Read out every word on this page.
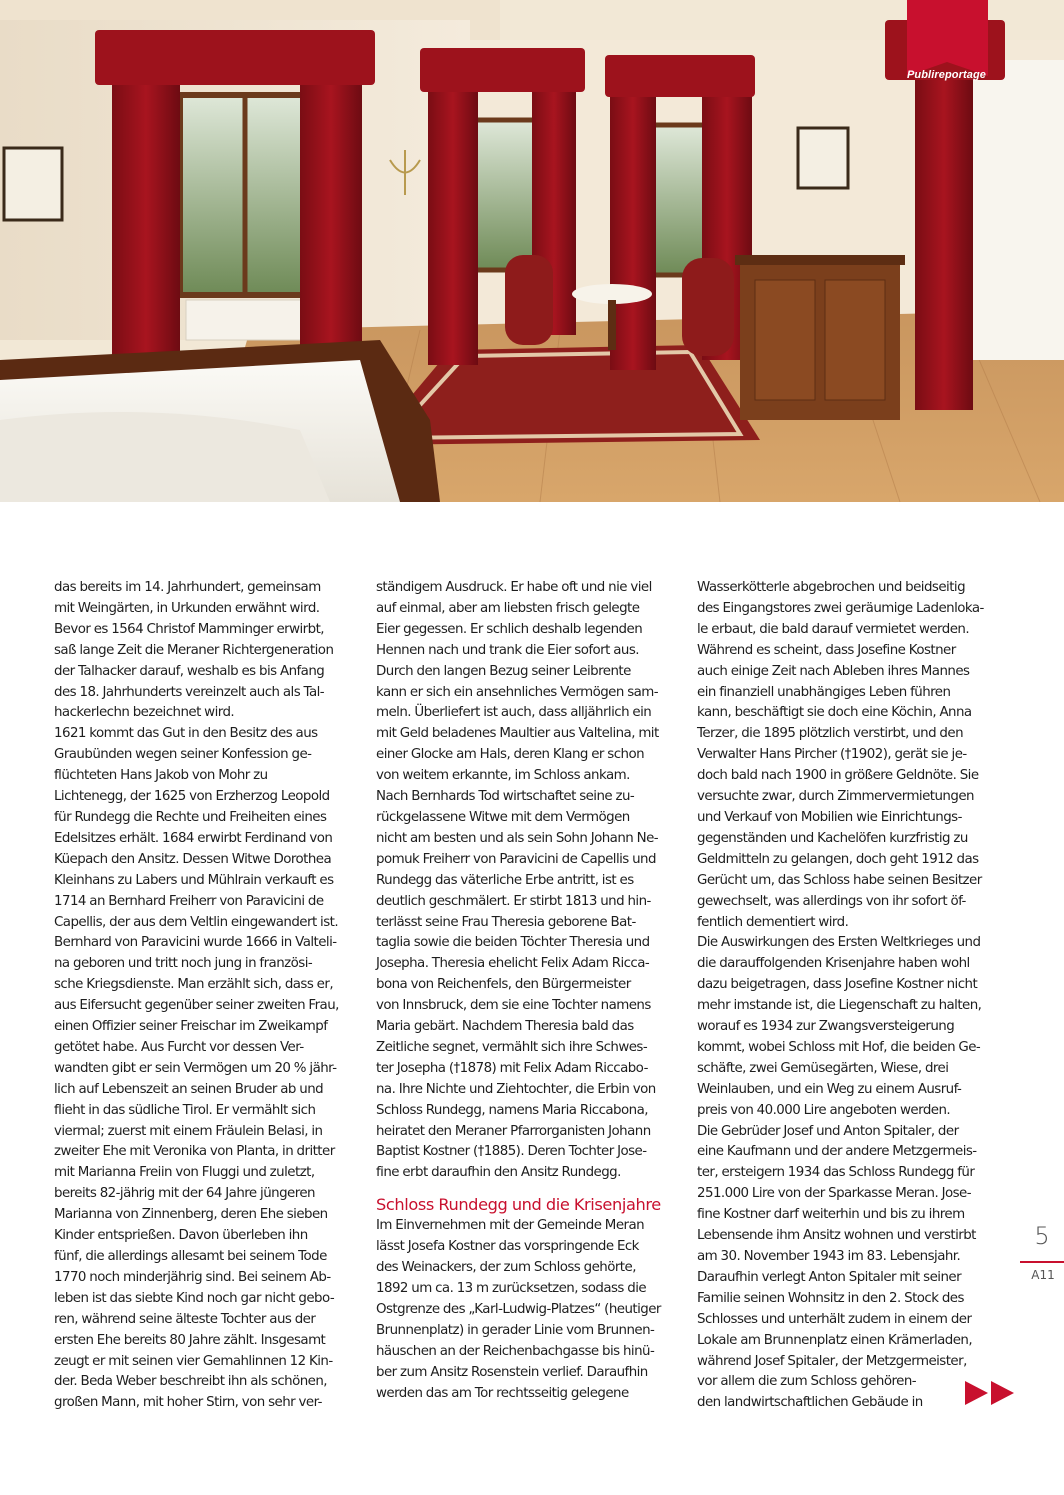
Publireportage

das bereits im 14. Jahrhundert, gemeinsam
mit Weingärten, in Urkunden erwähnt wird.
Bevor es 1564 Christof Mamminger erwirbt,
saß lange Zeit die Meraner Richtergeneration
der Talhacker darauf, weshalb es bis Anfang
des 18. Jahrhunderts vereinzelt auch als Tal-
hackerlechn bezeichnet wird.
1621 kommt das Gut in den Besitz des aus
Graubünden wegen seiner Konfession ge-
flüchteten Hans Jakob von Mohr zu
Lichtenegg, der 1625 von Erzherzog Leopold
für Rundegg die Rechte und Freiheiten eines
Edelsitzes erhält. 1684 erwirbt Ferdinand von
Küepach den Ansitz. Dessen Witwe Dorothea
Kleinhans zu Labers und Mühlrain verkauft es
1714 an Bernhard Freiherr von Paravicini de
Capellis, der aus dem Veltlin eingewandert ist.
Bernhard von Paravicini wurde 1666 in Valteli-
na geboren und tritt noch jung in französi-
sche Kriegsdienste. Man erzählt sich, dass er,
aus Eifersucht gegenüber seiner zweiten Frau,
einen Offizier seiner Freischar im Zweikampf
getötet habe. Aus Furcht vor dessen Ver-
wandten gibt er sein Vermögen um 20 % jähr-
lich auf Lebenszeit an seinen Bruder ab und
flieht in das südliche Tirol. Er vermählt sich
viermal; zuerst mit einem Fräulein Belasi, in
zweiter Ehe mit Veronika von Planta, in dritter
mit Marianna Freiin von Fluggi und zuletzt,
bereits 82-jährig mit der 64 Jahre jüngeren
Marianna von Zinnenberg, deren Ehe sieben
Kinder entsprießen. Davon überleben ihn
fünf, die allerdings allesamt bei seinem Tode
1770 noch minderjährig sind. Bei seinem Ab-
leben ist das siebte Kind noch gar nicht gebo-
ren, während seine älteste Tochter aus der
ersten Ehe bereits 80 Jahre zählt. Insgesamt
zeugt er mit seinen vier Gemahlinnen 12 Kin-
der. Beda Weber beschreibt ihn als schönen,
großen Mann, mit hoher Stirn, von sehr ver-

ständigem Ausdruck. Er habe oft und nie viel
auf einmal, aber am liebsten frisch gelegte
Eier gegessen. Er schlich deshalb legenden
Hennen nach und trank die Eier sofort aus.
Durch den langen Bezug seiner Leibrente
kann er sich ein ansehnliches Vermögen sam-
meln. Überliefert ist auch, dass alljährlich ein
mit Geld beladenes Maultier aus Valtelina, mit
einer Glocke am Hals, deren Klang er schon
von weitem erkannte, im Schloss ankam.
Nach Bernhards Tod wirtschaftet seine zu-
rückgelassene Witwe mit dem Vermögen
nicht am besten und als sein Sohn Johann Ne-
pomuk Freiherr von Paravicini de Capellis und
Rundegg das väterliche Erbe antritt, ist es
deutlich geschmälert. Er stirbt 1813 und hin-
terlässt seine Frau Theresia geborene Bat-
taglia sowie die beiden Töchter Theresia und
Josepha. Theresia ehelicht Felix Adam Ricca-
bona von Reichenfels, den Bürgermeister
von Innsbruck, dem sie eine Tochter namens
Maria gebärt. Nachdem Theresia bald das
Zeitliche segnet, vermählt sich ihre Schwes-
ter Josepha (†1878) mit Felix Adam Riccabo-
na. Ihre Nichte und Ziehtochter, die Erbin von
Schloss Rundegg, namens Maria Riccabona,
heiratet den Meraner Pfarrorganisten Johann
Baptist Kostner (†1885). Deren Tochter Jose-
fine erbt daraufhin den Ansitz Rundegg.

Schloss Rundegg und die Krisenjahre

Im Einvernehmen mit der Gemeinde Meran
lässt Josefa Kostner das vorspringende Eck
des Weinackers, der zum Schloss gehörte,
1892 um ca. 13 m zurücksetzen, sodass die
Ostgrenze des „Karl-Ludwig-Platzes“ (heutiger
Brunnenplatz) in gerader Linie vom Brunnen-
häuschen an der Reichenbachgasse bis hinü-
ber zum Ansitz Rosenstein verlief. Daraufhin
werden das am Tor rechtsseitig gelegene

Wasserkötterle abgebrochen und beidseitig
des Eingangstores zwei geräumige Ladenloka-
le erbaut, die bald darauf vermietet werden.
Während es scheint, dass Josefine Kostner
auch einige Zeit nach Ableben ihres Mannes
ein finanziell unabhängiges Leben führen
kann, beschäftigt sie doch eine Köchin, Anna
Terzer, die 1895 plötzlich verstirbt, und den
Verwalter Hans Pircher (†1902), gerät sie je-
doch bald nach 1900 in größere Geldnöte. Sie
versuchte zwar, durch Zimmervermietungen
und Verkauf von Mobilien wie Einrichtungs-
gegenständen und Kachelöfen kurzfristig zu
Geldmitteln zu gelangen, doch geht 1912 das
Gerücht um, das Schloss habe seinen Besitzer
gewechselt, was allerdings von ihr sofort öf-
fentlich dementiert wird.
Die Auswirkungen des Ersten Weltkrieges und
die darauffolgenden Krisenjahre haben wohl
dazu beigetragen, dass Josefine Kostner nicht
mehr imstande ist, die Liegenschaft zu halten,
worauf es 1934 zur Zwangsversteigerung
kommt, wobei Schloss mit Hof, die beiden Ge-
schäfte, zwei Gemüsegärten, Wiese, drei
Weinlauben, und ein Weg zu einem Ausruf-
preis von 40.000 Lire angeboten werden.
Die Gebrüder Josef und Anton Spitaler, der
eine Kaufmann und der andere Metzgermeis-
ter, ersteigern 1934 das Schloss Rundegg für
251.000 Lire von der Sparkasse Meran. Jose-
fine Kostner darf weiterhin und bis zu ihrem
Lebensende ihm Ansitz wohnen und verstirbt
am 30. November 1943 im 83. Lebensjahr.
Daraufhin verlegt Anton Spitaler mit seiner
Familie seinen Wohnsitz in den 2. Stock des
Schlosses und unterhält zudem in einem der
Lokale am Brunnenplatz einen Krämerladen,
während Josef Spitaler, der Metzgermeister,
vor allem die zum Schloss gehören-
den landwirtschaftlichen Gebäude in

5
A11
